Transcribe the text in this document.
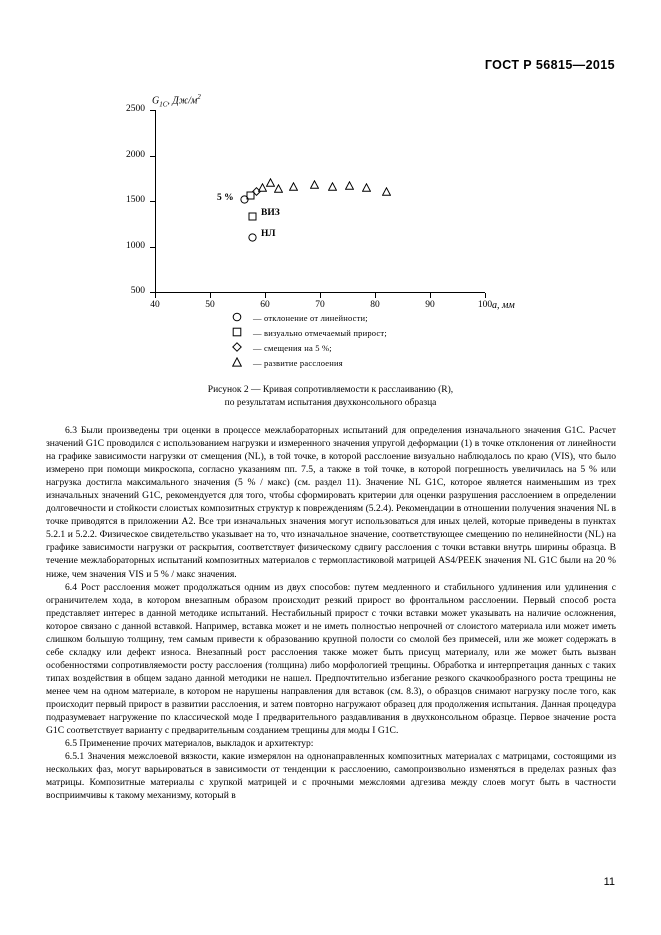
ГОСТ Р 56815—2015
$G_{1C}$, $Дж/м^2$
2500
2000
1500
1000
500
40	50	60	70	80	90	100
5 %
ВИЗ
НЛ
a, мм
— отклонение от линейности;
— визуально отмечаемый прирост;
— смещения на 5 %;
— развитие расслоения
Рисунок 2 — Кривая сопротивляемости к расслаиванию (R),
по результатам испытания двухконсольного образца

6.3 Были произведены три оценки в процессе межлабораторных испытаний для определения изначального значения G1C. Расчет значений G1C проводился с использованием нагрузки и измеренного значения упругой деформации (1) в точке отклонения от линейности на графике зависимости нагрузки от смещения (NL), в той точке, в которой расслоение визуально наблюдалось по краю (VIS), что было измерено при помощи микроскопа, согласно указаниям пп. 7.5, а также в той точке, в которой погрешность увеличилась на 5 % или нагрузка достигла максимального значения (5 % / макс) (см. раздел 11). Значение NL G1C, которое является наименьшим из трех изначальных значений G1C, рекомендуется для того, чтобы сформировать критерии для оценки разрушения расслоением в определении долговечности и стойкости слоистых композитных структур к повреждениям (5.2.4). Рекомендации в отношении получения значения NL в точке приводятся в приложении А2. Все три изначальных значения могут использоваться для иных целей, которые приведены в пунктах 5.2.1 и 5.2.2. Физическое свидетельство указывает на то, что изначальное значение, соответствующее смещению по нелинейности (NL) на графике зависимости нагрузки от раскрытия, соответствует физическому сдвигу расслоения с точки вставки внутрь ширины образца. В течение межлабораторных испытаний композитных материалов с термопластиковой матрицей AS4/PEEK значения NL G1C были на 20 % ниже, чем значения VIS и 5 % / макс значения.

6.4 Рост расслоения может продолжаться одним из двух способов: путем медленного и стабильного удлинения или удлинения с ограничителем хода, в котором внезапным образом происходит резкий прирост во фронтальном расслоении. Первый способ роста представляет интерес в данной методике испытаний. Нестабильный прирост с точки вставки может указывать на наличие осложнения, которое связано с данной вставкой. Например, вставка может и не иметь полностью непрочней от слоистого материала или может иметь слишком большую толщину, тем самым привести к образованию крупной полости со смолой без примесей, или же может содержать в себе складку или дефект износа. Внезапный рост расслоения также может быть присущ материалу, или же может быть вызван особенностями сопротивляемости росту расслоения (толщина) либо морфологией трещины. Обработка и интерпретация данных с таких типах воздействия в общем задано данной методики не нашел. Предпочтительно избегание резкого скачкообразного роста трещины не менее чем на одном материале, в котором не нарушены направления для вставок (см. 8.3), о образцов снимают нагрузку после того, как происходит первый прирост в развитии расслоения, и затем повторно нагружают образец для продолжения испытания. Данная процедура подразумевает нагружение по классической моде I предварительного раздавливания в двухконсольном образце. Первое значение роста G1C соответствует варианту с предварительным созданием трещины для моды I G1C.

6.5 Применение прочих материалов, выкладок и архитектур:

6.5.1 Значения межслоевой вязкости, какие измерялон на однонаправленных композитных материалах с матрицами, состоящими из нескольких фаз, могут варьироваться в зависимости от тенденции к расслоению, самопроизвольно изменяться в пределах разных фаз матрицы. Композитные материалы с хрупкой матрицей и с прочными межслоями адгезива между слоев могут быть в частности восприимчивы к такому механизму, который в

11
